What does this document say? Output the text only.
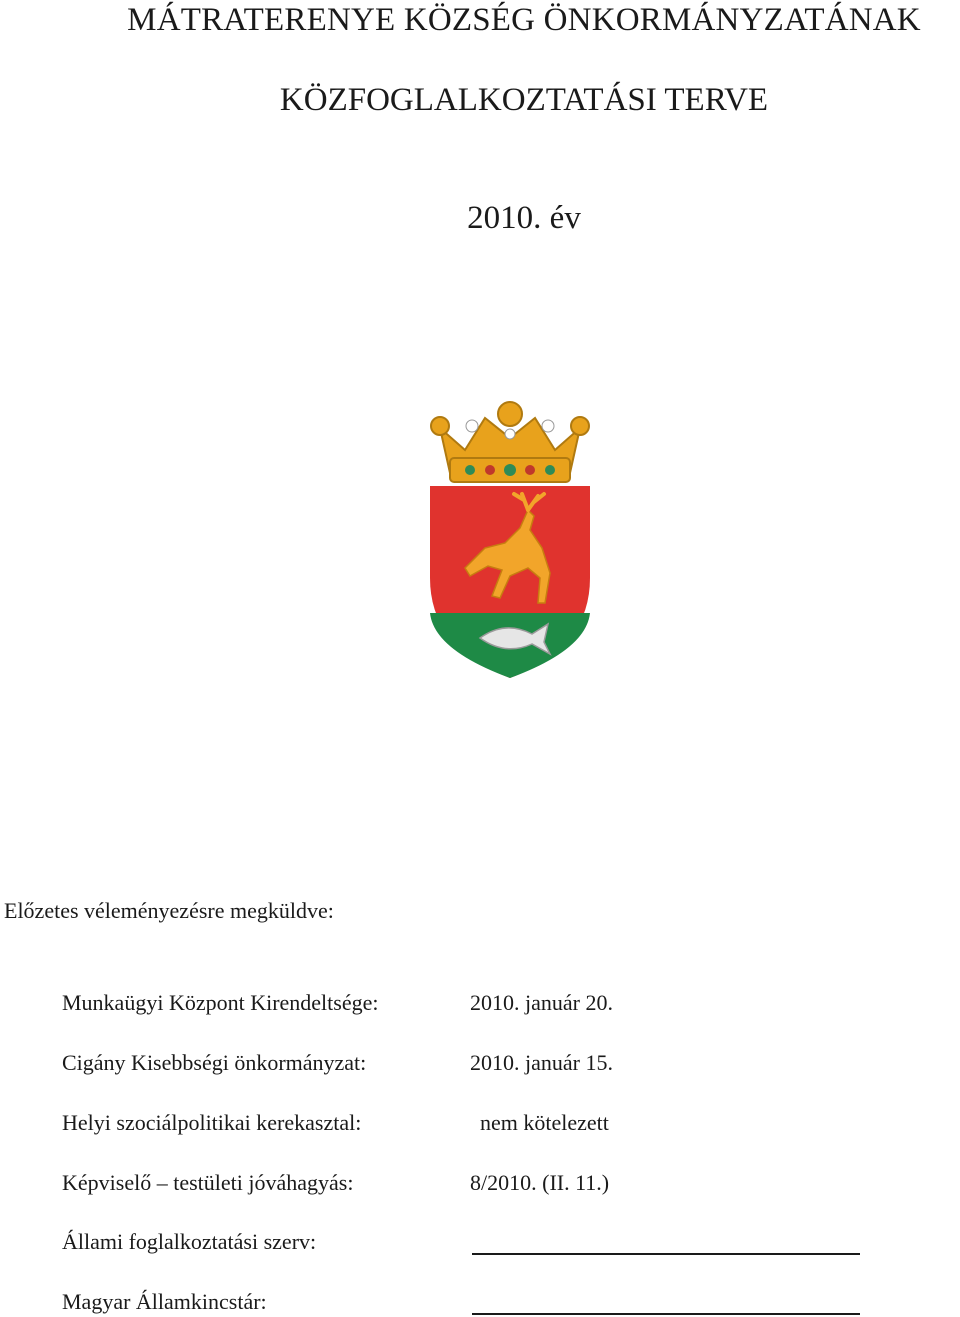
MÁTRATERENYE KÖZSÉG ÖNKORMÁNYZATÁNAK
KÖZFOGLALKOZTATÁSI TERVE
2010. év
Előzetes véleményezésre megküldve:
Munkaügyi Központ Kirendeltsége:	2010. január 20.
Cigány Kisebbségi önkormányzat:	2010. január 15.
Helyi szociálpolitikai kerekasztal:	nem kötelezett
Képviselő – testületi jóváhagyás:	8/2010. (II. 11.)
Állami foglalkoztatási szerv:
Magyar Államkincstár:
